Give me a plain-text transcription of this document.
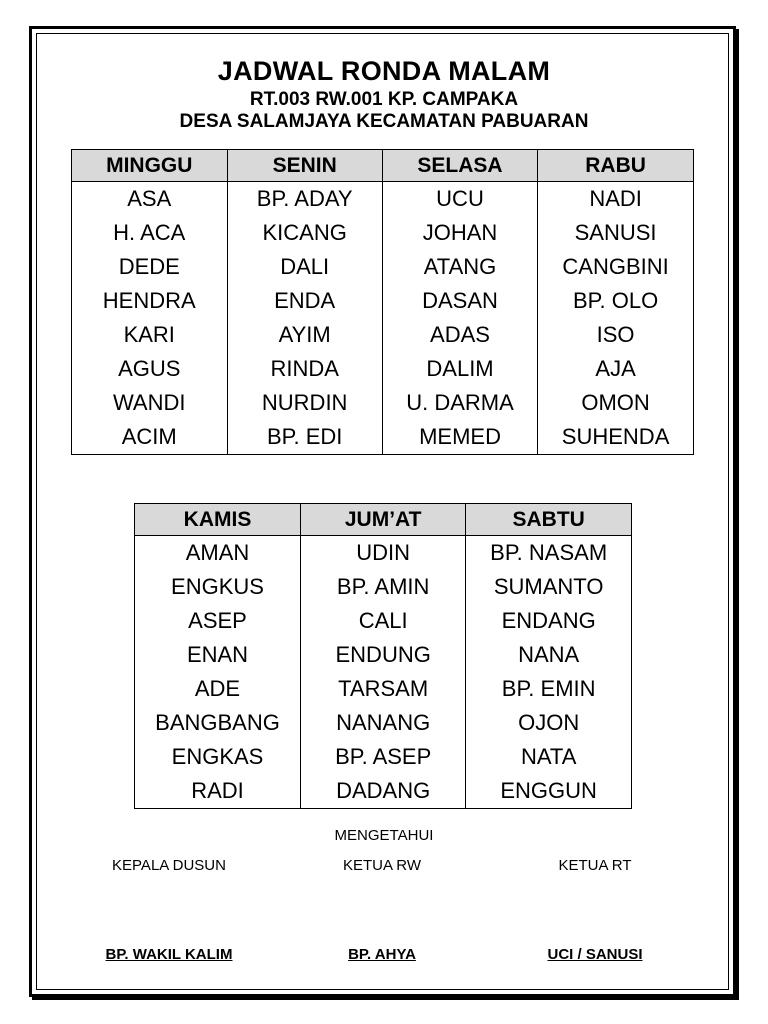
JADWAL RONDA MALAM
RT.003 RW.001 KP. CAMPAKA
DESA SALAMJAYA KECAMATAN PABUARAN
MINGGU	SENIN	SELASA	RABU
ASA	BP. ADAY	UCU	NADI
H. ACA	KICANG	JOHAN	SANUSI
DEDE	DALI	ATANG	CANGBINI
HENDRA	ENDA	DASAN	BP. OLO
KARI	AYIM	ADAS	ISO
AGUS	RINDA	DALIM	AJA
WANDI	NURDIN	U. DARMA	OMON
ACIM	BP. EDI	MEMED	SUHENDA
KAMIS	JUM’AT	SABTU
AMAN	UDIN	BP. NASAM
ENGKUS	BP. AMIN	SUMANTO
ASEP	CALI	ENDANG
ENAN	ENDUNG	NANA
ADE	TARSAM	BP. EMIN
BANGBANG	NANANG	OJON
ENGKAS	BP. ASEP	NATA
RADI	DADANG	ENGGUN
MENGETAHUI
KEPALA DUSUN	KETUA RW	KETUA RT
BP. WAKIL KALIM	BP. AHYA	UCI / SANUSI
